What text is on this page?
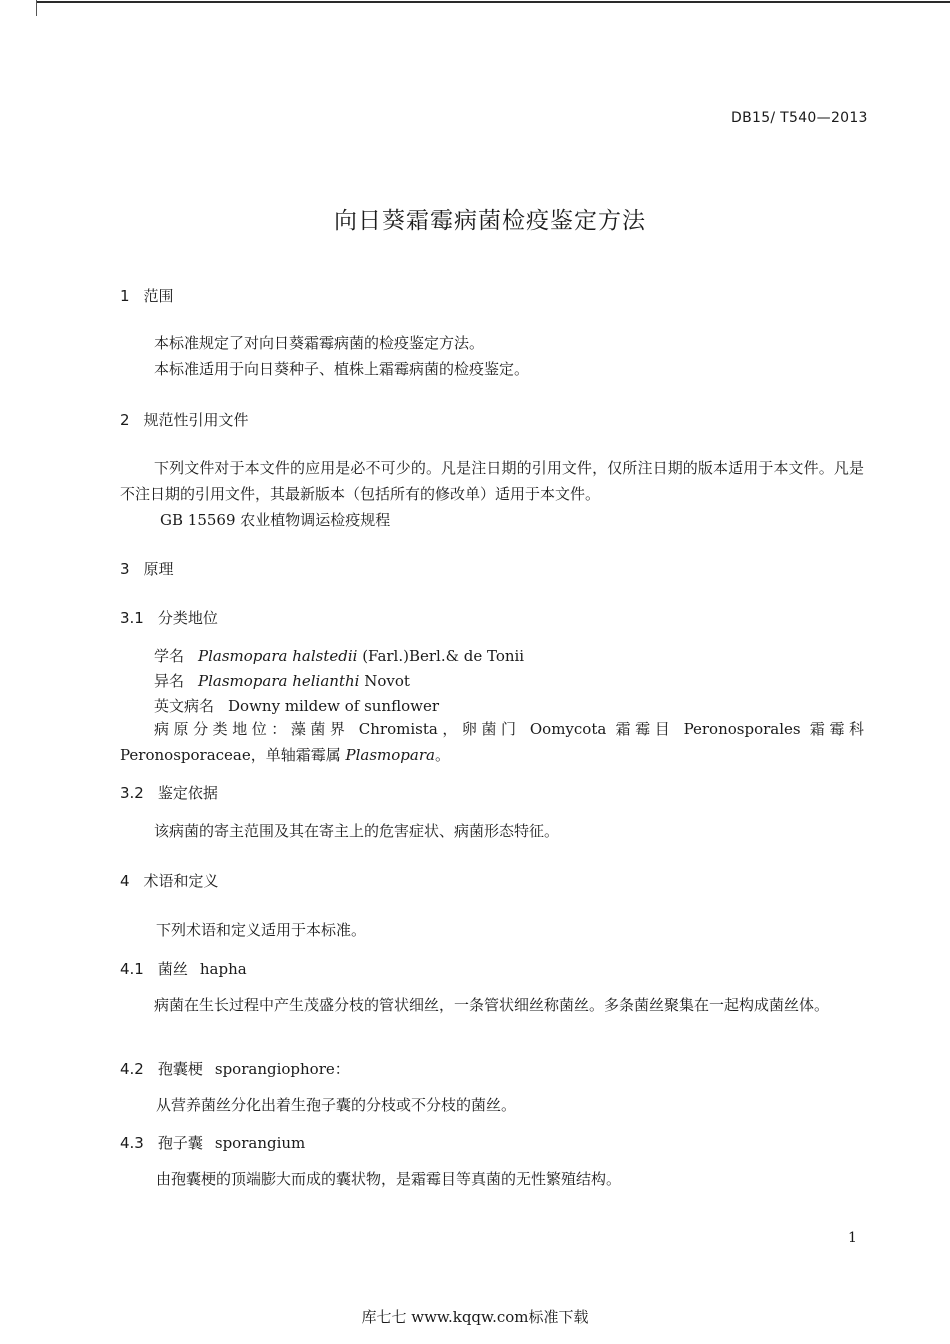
DB15/ T540—2013
向日葵霜霉病菌检疫鉴定方法
1 范围
本标准规定了对向日葵霜霉病菌的检疫鉴定方法。
本标准适用于向日葵种子、植株上霜霉病菌的检疫鉴定。
2 规范性引用文件
下列文件对于本文件的应用是必不可少的。凡是注日期的引用文件，仅所注日期的版本适用于本文件。凡是不注日期的引用文件，其最新版本（包括所有的修改单）适用于本文件。
GB 15569 农业植物调运检疫规程
3 原理
3.1 分类地位
学名 Plasmopara halstedii (Farl.)Berl.& de Tonii
异名 Plasmopara helianthi Novot
英文病名 Downy mildew of sunflower
病原分类地位：藻菌界 Chromista，卵菌门 Oomycota 霜霉目 Peronosporales 霜霉科 Peronosporaceae，单轴霜霉属 Plasmopara。
3.2 鉴定依据
该病菌的寄主范围及其在寄主上的危害症状、病菌形态特征。
4 术语和定义
下列术语和定义适用于本标准。
4.1 菌丝 hapha
病菌在生长过程中产生茂盛分枝的管状细丝，一条管状细丝称菌丝。多条菌丝聚集在一起构成菌丝体。
4.2 孢囊梗 sporangiophore：
从营养菌丝分化出着生孢子囊的分枝或不分枝的菌丝。
4.3 孢子囊 sporangium
由孢囊梗的顶端膨大而成的囊状物，是霜霉目等真菌的无性繁殖结构。
1
库七七 www.kqqw.com标准下载
